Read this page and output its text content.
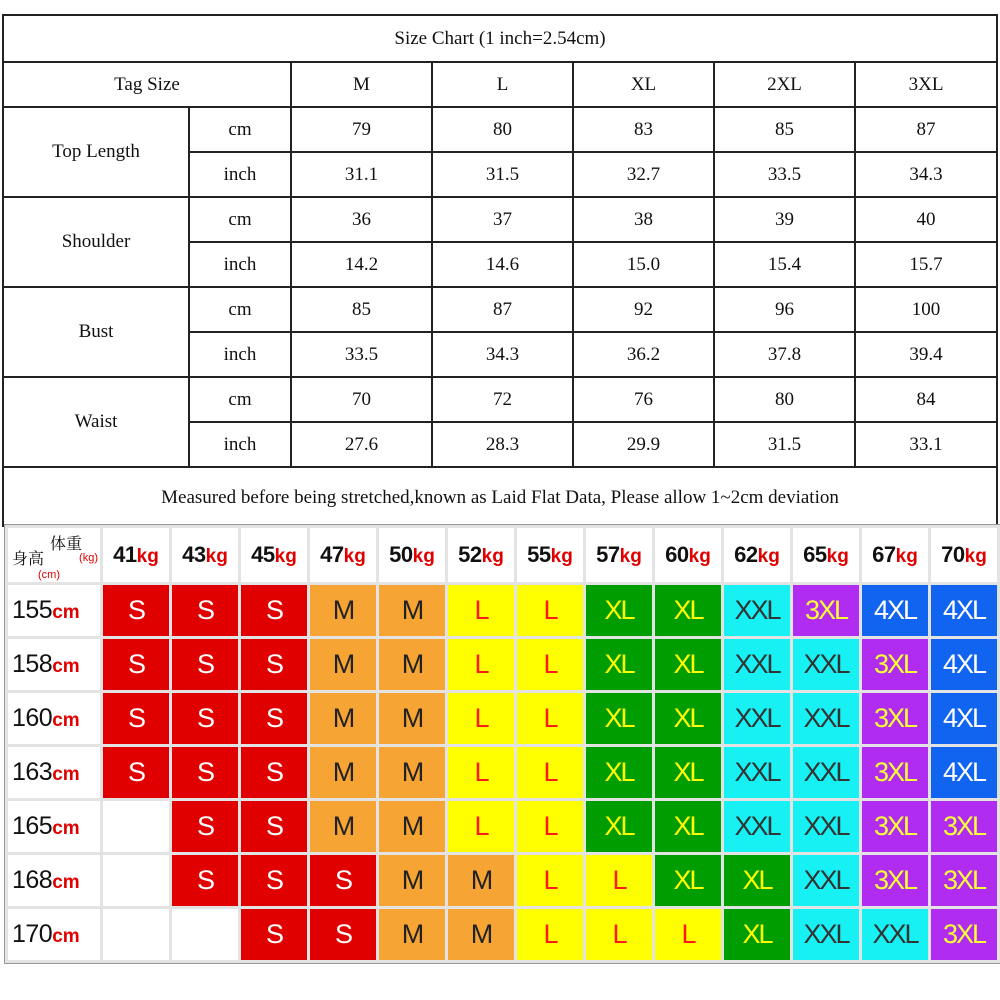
Size Chart (1 inch=2.54cm)						
Tag Size		M	L	XL	2XL	3XL
Top Length	cm	79	80	83	85	87
	inch	31.1	31.5	32.7	33.5	34.3
Shoulder	cm	36	37	38	39	40
	inch	14.2	14.6	15.0	15.4	15.7
Bust	cm	85	87	92	96	100
	inch	33.5	34.3	36.2	37.8	39.4
Waist	cm	70	72	76	80	84
	inch	27.6	28.3	29.9	31.5	33.1
Measured before being stretched,known as Laid Flat Data, Please allow 1~2cm deviation						
体重
(kg)
身高
(cm)	41kg	43kg	45kg	47kg	50kg	52kg	55kg	57kg	60kg	62kg	65kg	67kg	70kg
155cm	S	S	S	M	M	L	L	XL	XL	XXL	3XL	4XL	4XL
158cm	S	S	S	M	M	L	L	XL	XL	XXL	XXL	3XL	4XL
160cm	S	S	S	M	M	L	L	XL	XL	XXL	XXL	3XL	4XL
163cm	S	S	S	M	M	L	L	XL	XL	XXL	XXL	3XL	4XL
165cm		S	S	M	M	L	L	XL	XL	XXL	XXL	3XL	3XL
168cm		S	S	S	M	M	L	L	XL	XL	XXL	3XL	3XL
170cm			S	S	M	M	L	L	L	XL	XXL	XXL	3XL
